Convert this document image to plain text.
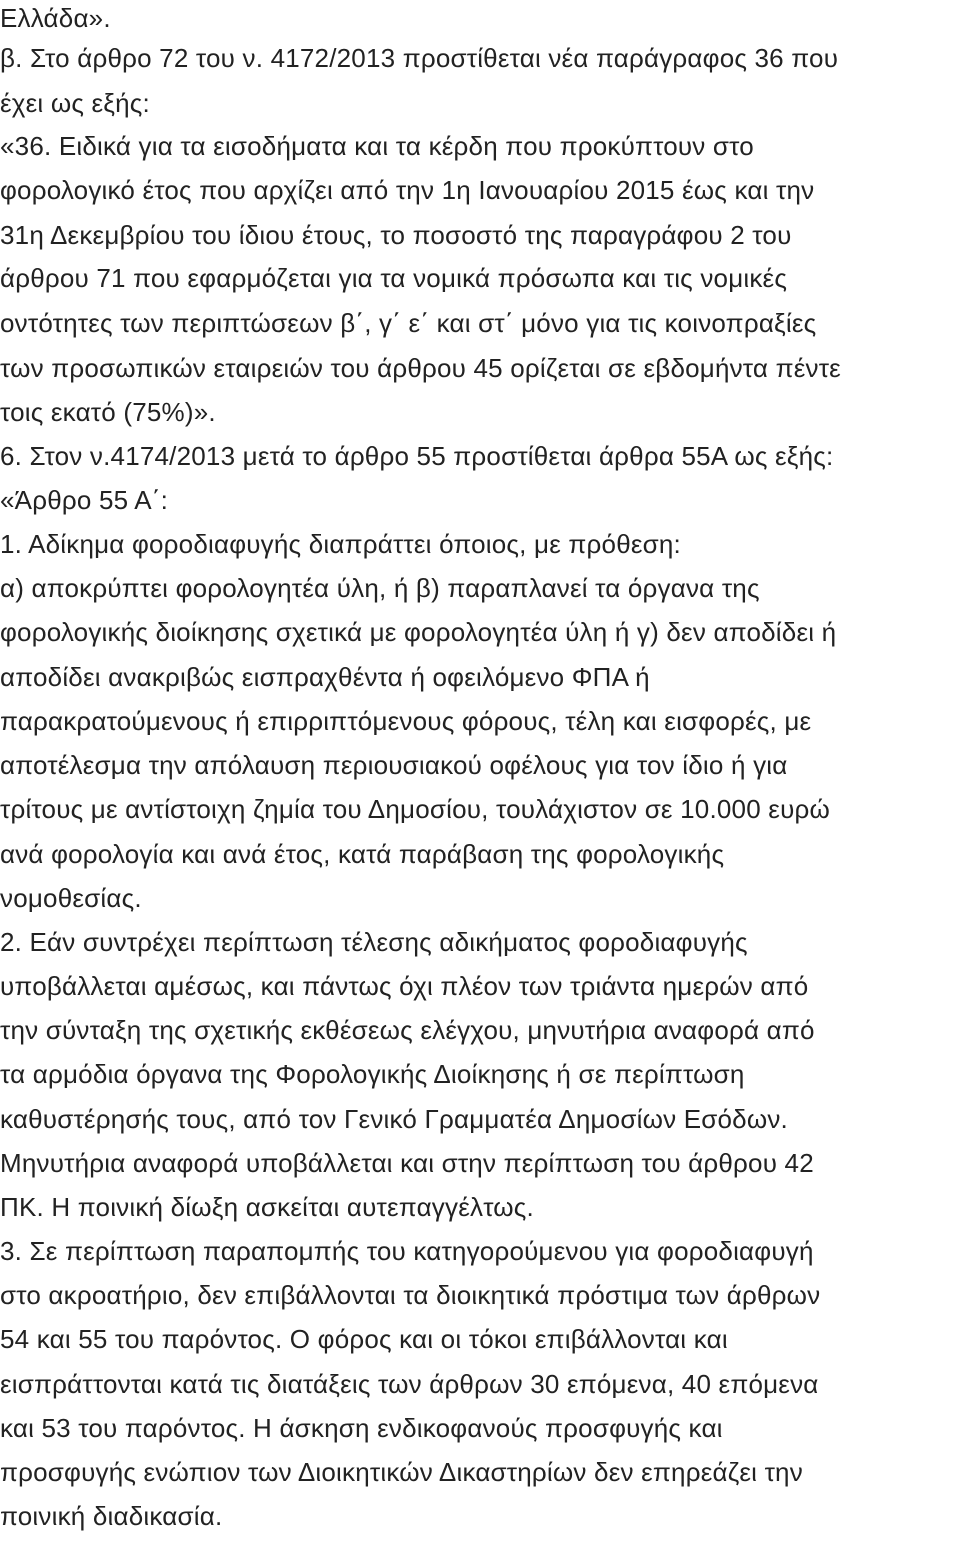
Ελλάδα».
β. Στο άρθρο 72 του ν. 4172/2013 προστίθεται νέα παράγραφος 36 που
έχει ως εξής:
«36. Ειδικά για τα εισοδήματα και τα κέρδη που προκύπτουν στο
φορολογικό έτος που αρχίζει από την 1η Ιανουαρίου 2015 έως και την
31η Δεκεμβρίου του ίδιου έτους, το ποσοστό της παραγράφου 2 του
άρθρου 71 που εφαρμόζεται για τα νομικά πρόσωπα και τις νομικές
οντότητες των περιπτώσεων β΄, γ΄ ε΄ και στ΄ μόνο για τις κοινοπραξίες
των προσωπικών εταιρειών του άρθρου 45 ορίζεται σε εβδομήντα πέντε
τοις εκατό (75%)».
6. Στον ν.4174/2013 μετά το άρθρο 55 προστίθεται άρθρα 55Α ως εξής:
«Άρθρο 55 Α΄:
1. Αδίκημα φοροδιαφυγής διαπράττει όποιος, με πρόθεση:
α) αποκρύπτει φορολογητέα ύλη, ή β) παραπλανεί τα όργανα της
φορολογικής διοίκησης σχετικά με φορολογητέα ύλη ή γ) δεν αποδίδει ή
αποδίδει ανακριβώς εισπραχθέντα ή οφειλόμενο ΦΠΑ ή
παρακρατούμενους ή επιρριπτόμενους φόρους, τέλη και εισφορές, με
αποτέλεσμα την απόλαυση περιουσιακού οφέλους για τον ίδιο ή για
τρίτους με αντίστοιχη ζημία του Δημοσίου, τουλάχιστον σε 10.000 ευρώ
ανά φορολογία και ανά έτος, κατά παράβαση της φορολογικής
νομοθεσίας.
2. Εάν συντρέχει περίπτωση τέλεσης αδικήματος φοροδιαφυγής
υποβάλλεται αμέσως, και πάντως όχι πλέον των τριάντα ημερών από
την σύνταξη της σχετικής εκθέσεως ελέγχου, μηνυτήρια αναφορά από
τα αρμόδια όργανα της Φορολογικής Διοίκησης ή σε περίπτωση
καθυστέρησής τους, από τον Γενικό Γραμματέα Δημοσίων Εσόδων.
Μηνυτήρια αναφορά υποβάλλεται και στην περίπτωση του άρθρου 42
ΠΚ. Η ποινική δίωξη ασκείται αυτεπαγγέλτως.
3. Σε περίπτωση παραπομπής του κατηγορούμενου για φοροδιαφυγή
στο ακροατήριο, δεν επιβάλλονται τα διοικητικά πρόστιμα των άρθρων
54 και 55 του παρόντος. Ο φόρος και οι τόκοι επιβάλλονται και
εισπράττονται κατά τις διατάξεις των άρθρων 30 επόμενα, 40 επόμενα
και 53 του παρόντος. Η άσκηση ενδικοφανούς προσφυγής και
προσφυγής ενώπιον των Διοικητικών Δικαστηρίων δεν επηρεάζει την
ποινική διαδικασία.
